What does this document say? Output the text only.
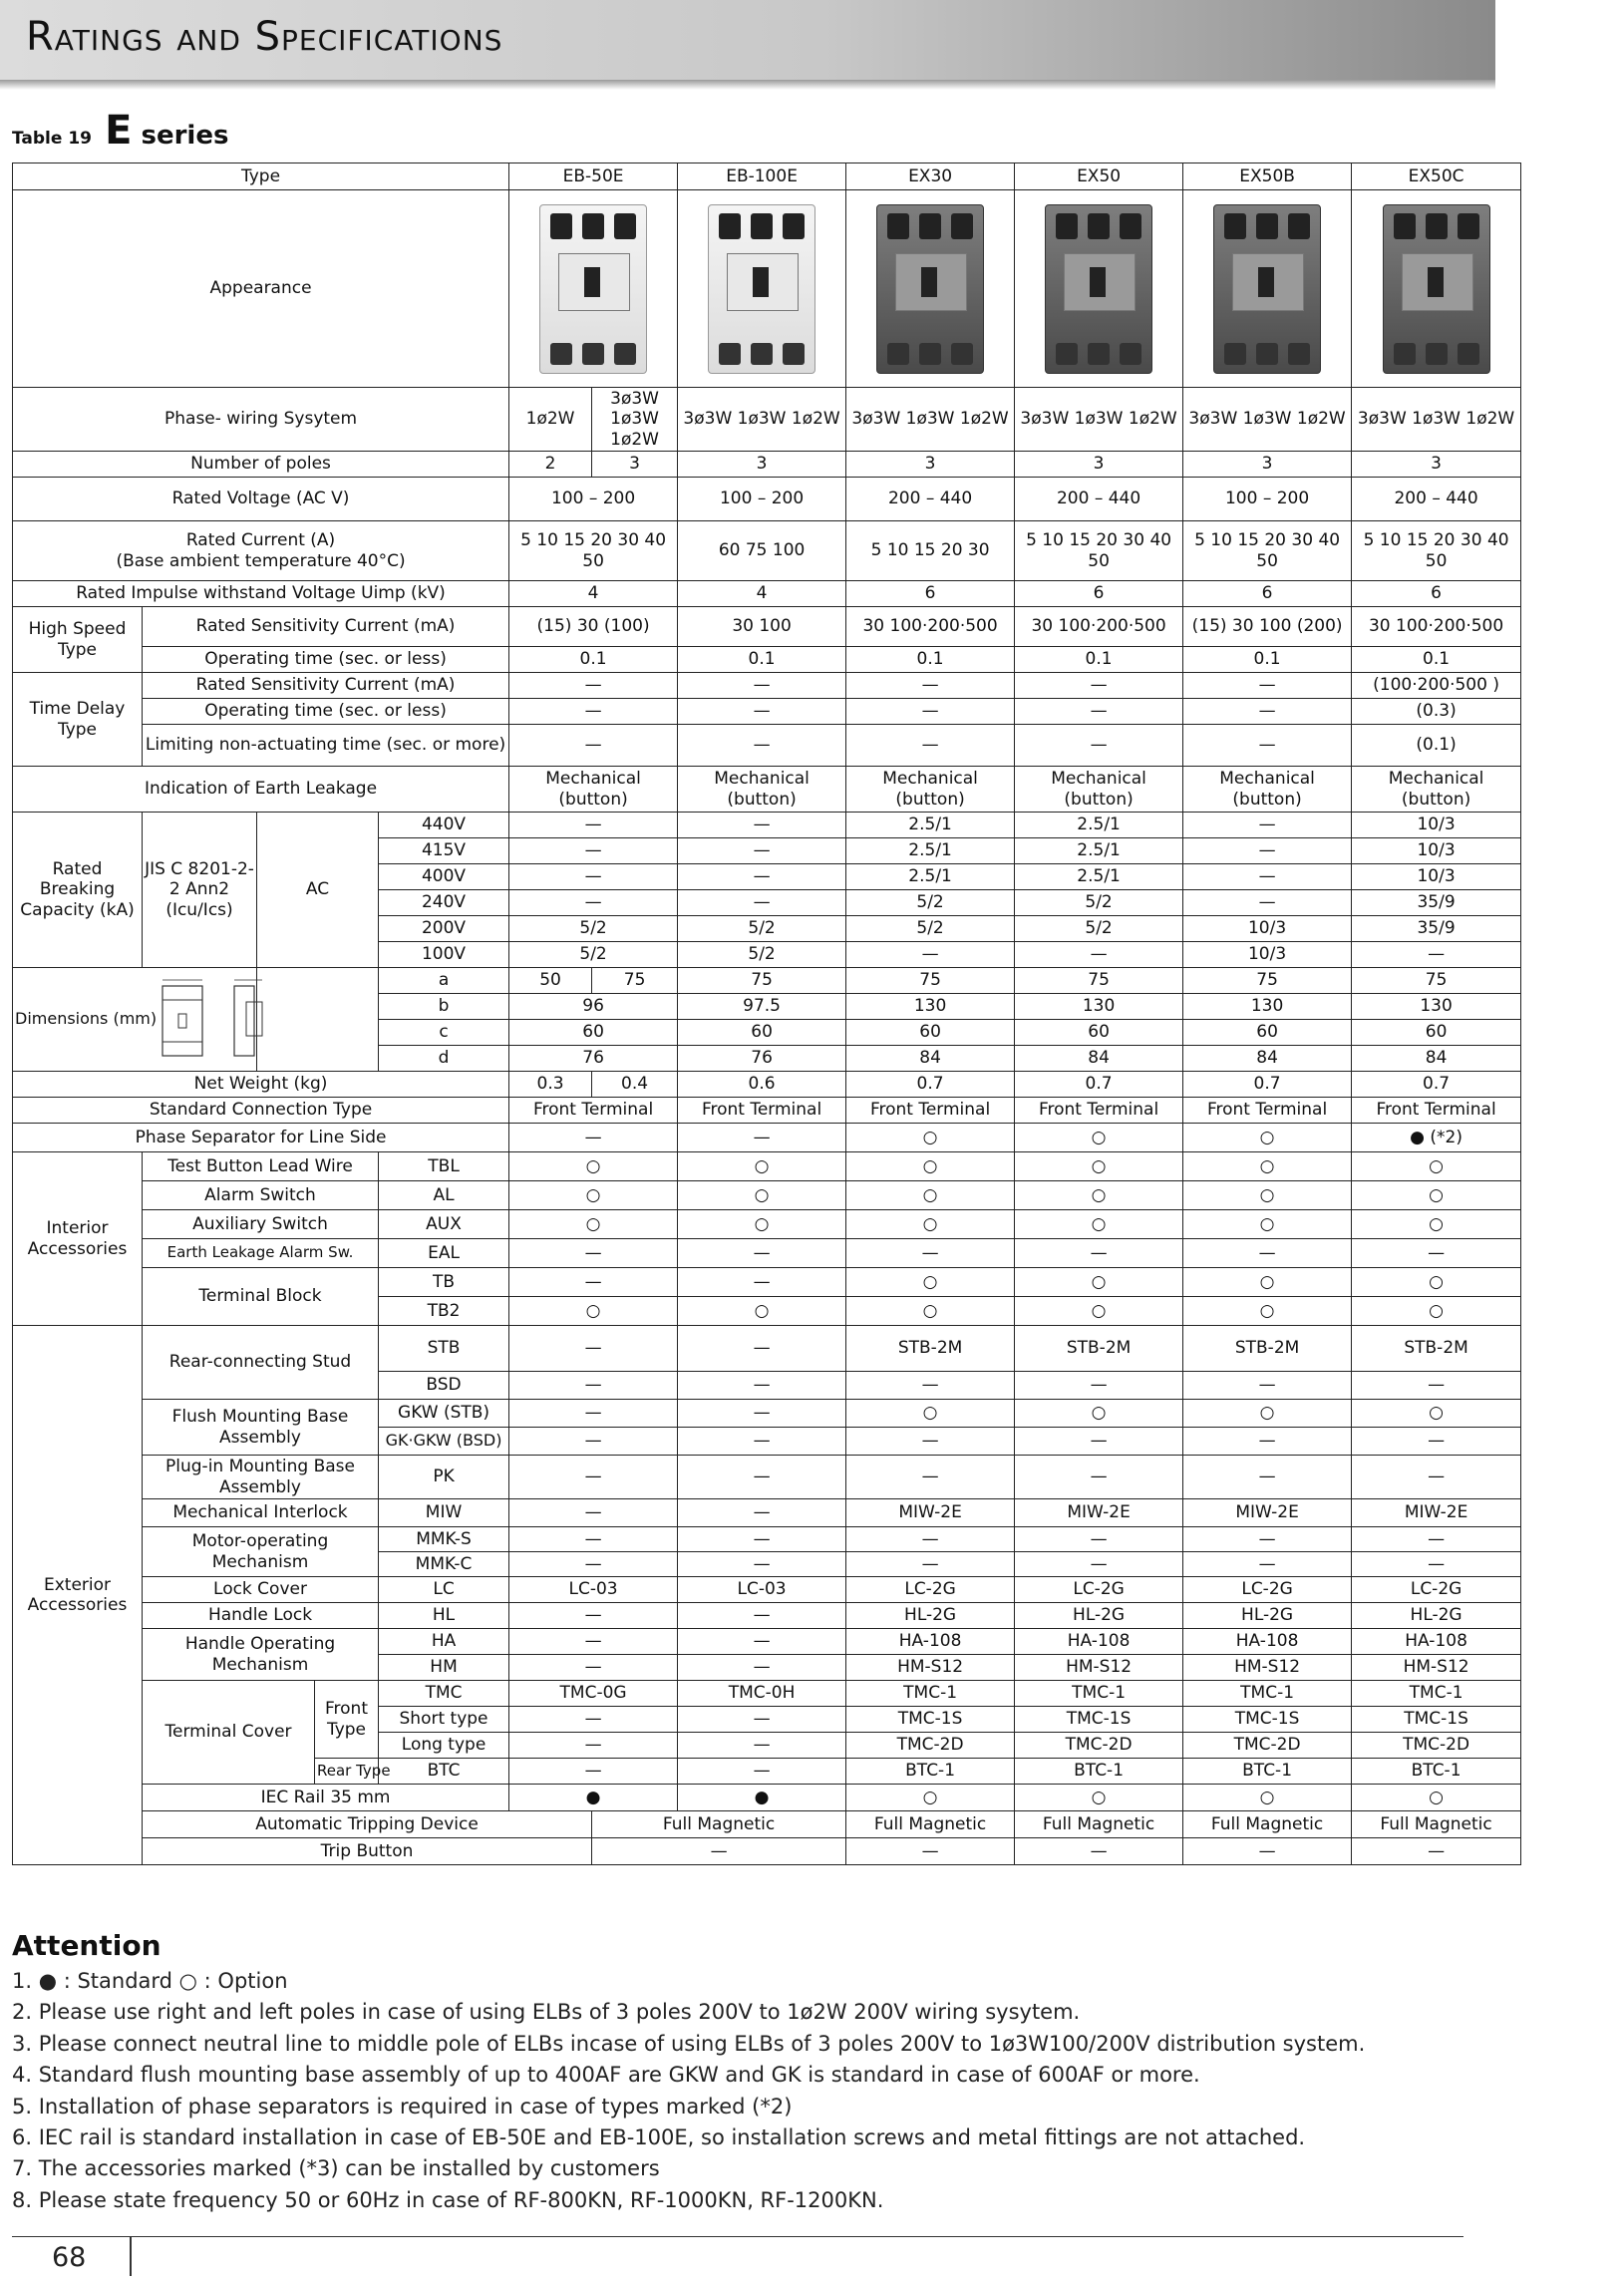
Ratings and Specifications
Table 19 E series
Type					EB-50E		EB-100E	EX30	EX50	EX50B	EX50C	
Appearance							

Phase- wiring Sysytem					1ø2W	3ø3W 1ø3W 1ø2W	3ø3W 1ø3W 1ø2W	3ø3W 1ø3W 1ø2W	3ø3W 1ø3W 1ø2W	3ø3W 1ø3W 1ø2W	3ø3W 1ø3W 1ø2W	
Number of poles					2	3	3	3	3	3	3	
Rated Voltage (AC V)					100 – 200		100 – 200	200 – 440	200 – 440	100 – 200	200 – 440	
Rated Current (A)
(Base ambient temperature 40°C)					5 10 15 20 30 40 50		60 75 100	5 10 15 20 30	5 10 15 20 30 40 50	5 10 15 20 30 40 50	5 10 15 20 30 40 50	
Rated Impulse withstand Voltage Uimp (kV)					4		4	6	6	6	6	
High Speed Type	Rated Sensitivity Current (mA)				(15) 30 (100)		30 100	30 100·200·500	30 100·200·500	(15) 30 100 (200)	30 100·200·500	
	Operating time (sec. or less)				0.1		0.1	0.1	0.1	0.1	0.1	
Time Delay Type	Rated Sensitivity Current (mA)				—		—	—	—	—	(100·200·500 )	
	Operating time (sec. or less)				—		—	—	—	—	(0.3)	
	Limiting non-actuating time (sec. or more)				—		—	—	—	—	(0.1)	
Indication of Earth Leakage					Mechanical (button)		Mechanical (button)	Mechanical (button)	Mechanical (button)	Mechanical (button)	Mechanical (button)	
Rated Breaking Capacity (kA)	JIS C 8201-2-2 Ann2 (Icu/Ics)	AC		440V	—		—	2.5/1	2.5/1	—	10/3	
				415V	—		—	2.5/1	2.5/1	—	10/3	
				400V	—		—	2.5/1	2.5/1	—	10/3	
				240V	—		—	5/2	5/2	—	35/9	
				200V	5/2		5/2	5/2	5/2	10/3	35/9	
				100V	5/2		5/2	—	—	10/3	—	

Dimensions (mm)				a	50	75	75	75	75	75	75	
				b	96		97.5	130	130	130	130	
				c	60		60	60	60	60	60	
				d	76		76	84	84	84	84	
Net Weight (kg)					0.3	0.4	0.6	0.7	0.7	0.7	0.7	
Standard Connection Type					Front Terminal		Front Terminal	Front Terminal	Front Terminal	Front Terminal	Front Terminal	
Phase Separator for Line Side					—		—	○	○	○	● (*2)	
Interior Accessories	Test Button Lead Wire			TBL	○		○	○	○	○	○	
	Alarm Switch			AL	○		○	○	○	○	○	
	Auxiliary Switch			AUX	○		○	○	○	○	○	
	Earth Leakage Alarm Sw.			EAL	—		—	—	—	—	—	
	Terminal Block			TB	—		—	○	○	○	○	
				TB2	○		○	○	○	○	○	
Exterior Accessories	Rear-connecting Stud			STB	—		—	STB-2M	STB-2M	STB-2M	STB-2M	
				BSD	—		—	—	—	—	—	
	Flush Mounting Base Assembly			GKW (STB)	—		—	○	○	○	○	
				GK·GKW (BSD)	—		—	—	—	—	—	
	Plug-in Mounting Base Assembly			PK	—		—	—	—	—	—	
	Mechanical Interlock			MIW	—		—	MIW-2E	MIW-2E	MIW-2E	MIW-2E	
	Motor-operating Mechanism			MMK-S	—		—	—	—	—	—	
				MMK-C	—		—	—	—	—	—	
	Lock Cover			LC	LC-03		LC-03	LC-2G	LC-2G	LC-2G	LC-2G	
	Handle Lock			HL	—		—	HL-2G	HL-2G	HL-2G	HL-2G	
	Handle Operating Mechanism			HA	—		—	HA-108	HA-108	HA-108	HA-108	
				HM	—		—	HM-S12	HM-S12	HM-S12	HM-S12	
	Terminal Cover		Front Type	TMC	TMC-0G		TMC-0H	TMC-1	TMC-1	TMC-1	TMC-1	
				Short type	—		—	TMC-1S	TMC-1S	TMC-1S	TMC-1S	
				Long type	—		—	TMC-2D	TMC-2D	TMC-2D	TMC-2D	
			Rear Type	BTC	—		—	BTC-1	BTC-1	BTC-1	BTC-1	
	IEC Rail 35 mm				●		●	○	○	○	○	
	Automatic Tripping Device					Full Magnetic		Full Magnetic	Full Magnetic	Full Magnetic	Full Magnetic	
	Trip Button					—		—	—	—	—	
Attention
1. ● : Standard ○ : Option
2. Please use right and left poles in case of using ELBs of 3 poles 200V to 1ø2W 200V wiring sysytem.
3. Please connect neutral line to middle pole of ELBs incase of using ELBs of 3 poles 200V to 1ø3W100/200V distribution system.
4. Standard flush mounting base assembly of up to 400AF are GKW and GK is standard in case of 600AF or more.
5. Installation of phase separators is required in case of types marked (*2)
6. IEC rail is standard installation in case of EB-50E and EB-100E, so installation screws and metal fittings are not attached.
7. The accessories marked (*3) can be installed by customers
8. Please state frequency 50 or 60Hz in case of RF-800KN, RF-1000KN, RF-1200KN.
68
